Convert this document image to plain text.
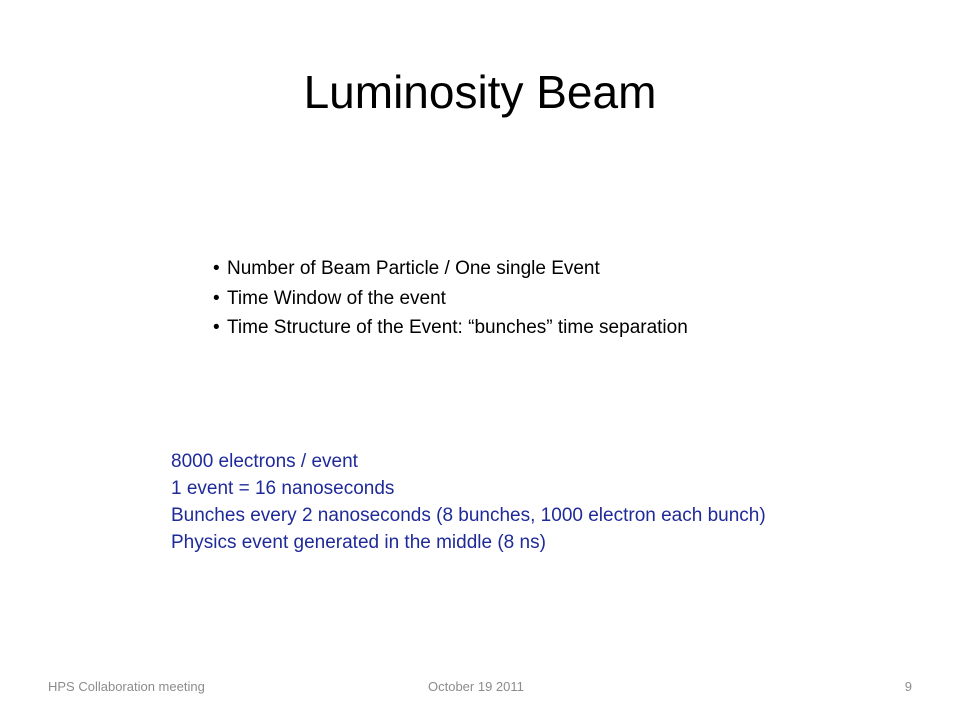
Luminosity Beam
• Number of Beam Particle / One single Event
• Time Window of the event
• Time Structure of the Event: “bunches” time separation
8000 electrons / event
1 event = 16 nanoseconds
Bunches every 2 nanoseconds (8 bunches, 1000 electron each bunch)
Physics event generated in the middle (8 ns)
HPS Collaboration meeting	October 19 2011	9
